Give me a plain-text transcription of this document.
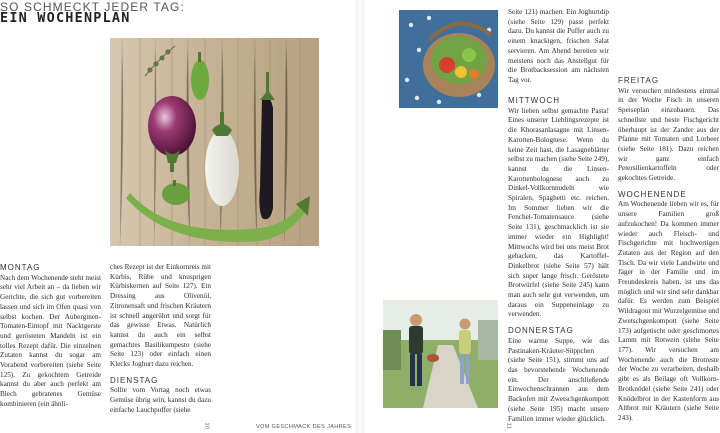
SO SCHMECKT JEDER TAG:
EIN WOCHENPLAN
MONTAG

Nach dem Wochenende steht meist sehr viel Arbeit an – da lieben wir Gerichte, die sich gut vorbereiten lassen und sich im Ofen quasi von selbst kochen. Der Auberginen-Tomaten-Eintopf mit Nacktgerste und gerösteten Mandeln ist ein tolles Rezept dafür. Die einzelnen Zutaten kannst du sogar am Vorabend vorbereiten (siehe Seite 125). Zu gekochtem Getreide kannst du aber auch perfekt am Blech gebratenes Gemüse kombinieren (ein ähnli-

ches Rezept ist der Einkornreis mit Kürbis, Rübe und knusprigen Kürbiskernen auf Seite 127). Ein Dressing aus Olivenöl, Zitronensaft und frischen Kräutern ist schnell angerührt und sorgt für das gewisse Etwas. Natürlich kannst du auch ein selbst gemachtes Basilikumpesto (siehe Seite 123) oder einfach einen Klecks Joghurt dazu reichen.

DIENSTAG

Sollte vom Vortag noch etwas Gemüse übrig sein, kannst du dazu einfache Lauchpuffer (siehe

Seite 121) machen. Ein Joghurtdip (siehe Seite 129) passt perfekt dazu. Du kannst die Puffer auch zu einem knackigen, frischen Salat servieren. Am Abend bereiten wir meistens noch das Anstellgut für die Brotbacksession am nächsten Tag vor.

MITTWOCH

Wir lieben selbst gemachte Pasta! Eines unserer Lieblingsrezepte ist die Khorasanlasagne mit Linsen-Karotten-Bolognese. Wenn du keine Zeit hast, die Lasagneblätter selbst zu machen (siehe Seite 249), kannst du die Linsen-Karottenbolognese auch zu Dinkel-Vollkornnudeln wie Spiralen, Spaghetti etc. reichen. Im Sommer lieben wir die Fenchel-Tomatensauce (siehe Seite 131), geschmacklich ist sie immer wieder ein Highlight! Mittwochs wird bei uns meist Brot gebacken, das Kartoffel-Dinkelbrot (siehe Seite 57) hält sich super lange frisch. Geröstete Brotwürfel (siehe Seite 245) kann man auch sehr gut verwenden, um daraus ein Suppeneinlage zu verwenden.

DONNERSTAG

Eine warme Suppe, wie das Pastinaken-Kräuter-Süppchen (siehe Seite 151), stimmt uns auf das bevorstehende Wochenende ein. Der anschließende Einwochenschrannen aus dem Backofen mit Zwetschgenkompott (siehe Seite 195) macht unsere Familien immer wieder glücklich.

FREITAG

Wir versuchen mindestens einmal in der Woche Fisch in unseren Speiseplan einzubauen. Das schnellste und beste Fischgericht überhaupt ist der Zander aus der Pfanne mit Tomaten und Lorbeer (siehe Seite 181). Dazu reichen wir ganz einfach Petersilienkartoffeln oder gekochtes Getreide.

WOCHENENDE

Am Wochenende lieben wir es, für unsere Familien groß aufzukochen! Da kommen immer wieder auch Fleisch- und Fischgerichte mit hochwertigen Zutaten aus der Region auf den Tisch. Da wir viele Landwirte und Jäger in der Familie und im Freundeskreis haben, ist uns das möglich und wir sind sehr dankbar dafür. Es werden zum Beispiel Wildragout mit Wurzelgemüse und Zwetschgenkompott (siehe Seite 173) aufgetischt oder geschmortes Lamm mit Rotwein (siehe Seite 177). Wir versuchen am Wochenende auch die Brotreste der Woche zu verarbeiten, deshalb gibt es als Beilage oft Vollkorn-Brotknödel (siehe Seite 241) oder Knödelbrot in der Kastenform aus Altbrot mit Kräutern (siehe Seite 243).

10	VOM GESCHMACK DES JAHRES	11
